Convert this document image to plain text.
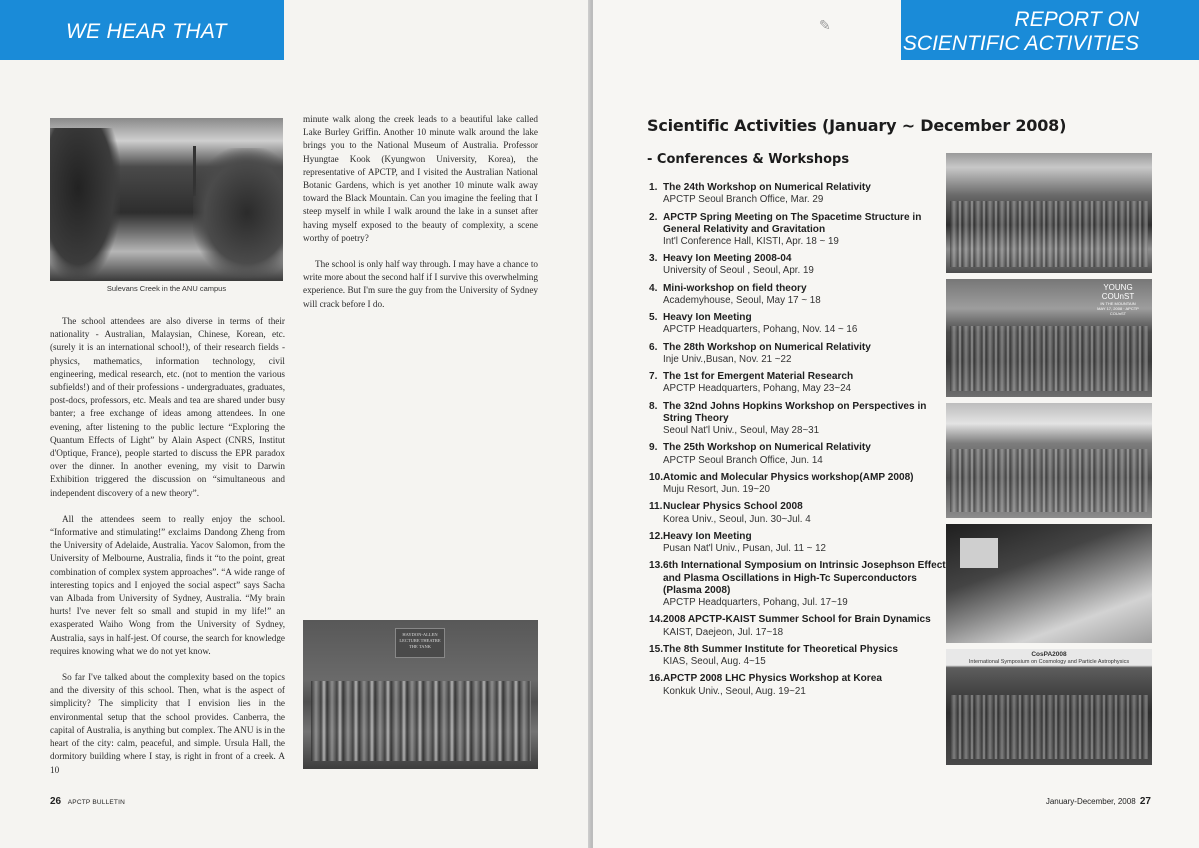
WE HEAR THAT
Sulevans Creek in the ANU campus

The school attendees are also diverse in terms of their nationality - Australian, Malaysian, Chinese, Korean, etc. (surely it is an international school!), of their research fields - physics, mathematics, information technology, civil engineering, medical research, etc. (not to mention the various subfields!) and of their professions - undergraduates, graduates, post-docs, professors, etc. Meals and tea are shared under busy banter; a free exchange of ideas among attendees. In one evening, after listening to the public lecture “Exploring the Quantum Effects of Light” by Alain Aspect (CNRS, Institut d'Optique, France), people started to discuss the EPR paradox over the dinner. In another evening, my visit to Darwin Exhibition triggered the discussion on “simultaneous and independent discovery of a new theory”.

All the attendees seem to really enjoy the school. “Informative and stimulating!” exclaims Dandong Zheng from the University of Adelaide, Australia. Yacov Salomon, from the University of Melbourne, Australia, finds it “to the point, great combination of complex system approaches”. “A wide range of interesting topics and I enjoyed the social aspect” says Sacha van Albada from University of Sydney, Australia. “My brain hurts! I've never felt so small and stupid in my life!” an exasperated Waiho Wong from the University of Sydney, Australia, says in half-jest. Of course, the search for knowledge requires knowing what we do not yet know.

So far I've talked about the complexity based on the topics and the diversity of this school. Then, what is the aspect of simplicity? The simplicity that I envision lies in the environmental setup that the school provides. Canberra, the capital of Australia, is anything but complex. The ANU is in the heart of the city: calm, peaceful, and simple. Ursula Hall, the dormitory building where I stay, is right in front of a creek. A 10

minute walk along the creek leads to a beautiful lake called Lake Burley Griffin. Another 10 minute walk around the lake brings you to the National Museum of Australia. Professor Hyungtae Kook (Kyungwon University, Korea), the representative of APCTP, and I visited the Australian National Botanic Gardens, which is yet another 10 minute walk away toward the Black Mountain. Can you imagine the feeling that I steep myself in while I walk around the lake in a sunset after having myself exposed to the beauty of complexity, a scene worthy of poetry?

The school is only half way through. I may have a chance to write more about the second half if I survive this overwhelming experience. But I'm sure the guy from the University of Sydney will crack before I do.

HAYDON-ALLEN LECTURE THEATRE THE TANK
26 APCTP BULLETIN
REPORT ON
SCIENTIFIC ACTIVITIES
✎
Scientific Activities (January ~ December 2008)
- Conferences & Workshops
1. The 24th Workshop on Numerical Relativity
APCTP Seoul Branch Office, Mar. 29
2. APCTP Spring Meeting on The Spacetime Structure in General Relativity and Gravitation
Int'l Conference Hall, KISTI, Apr. 18 ~ 19
3. Heavy Ion Meeting 2008-04
University of Seoul , Seoul, Apr. 19
4. Mini-workshop on field theory
Academyhouse, Seoul, May 17 ~ 18
5. Heavy Ion Meeting
APCTP Headquarters, Pohang, Nov. 14 ~ 16
6. The 28th Workshop on Numerical Relativity
Inje Univ.,Busan, Nov. 21 ~22
7. The 1st for Emergent Material Research
APCTP Headquarters, Pohang, May 23~24
8. The 32nd Johns Hopkins Workshop on Perspectives in String Theory
Seoul Nat'l Univ., Seoul, May 28~31
9. The 25th Workshop on Numerical Relativity
APCTP Seoul Branch Office, Jun. 14
10. Atomic and Molecular Physics workshop(AMP 2008)
Muju Resort, Jun. 19~20
11. Nuclear Physics School 2008
Korea Univ., Seoul, Jun. 30~Jul. 4
12. Heavy Ion Meeting
Pusan Nat'l Univ., Pusan, Jul. 11 ~ 12
13. 6th International Symposium on Intrinsic Josephson Effect and Plasma Oscillations in High-Tc Superconductors (Plasma 2008)
APCTP Headquarters, Pohang, Jul. 17~19
14. 2008 APCTP-KAIST Summer School for Brain Dynamics
KAIST, Daejeon, Jul. 17~18
15. The 8th Summer Institute for Theoretical Physics
KIAS, Seoul, Aug. 4~15
16. APCTP 2008 LHC Physics Workshop at Korea
Konkuk Univ., Seoul, Aug. 19~21
YOUNG COUnST
IN THE MOUNTAIN
MAY 17, 2008 · APCTP COUnST
CosPA2008
International Symposium on Cosmology and Particle Astrophysics
January-December, 2008 27
